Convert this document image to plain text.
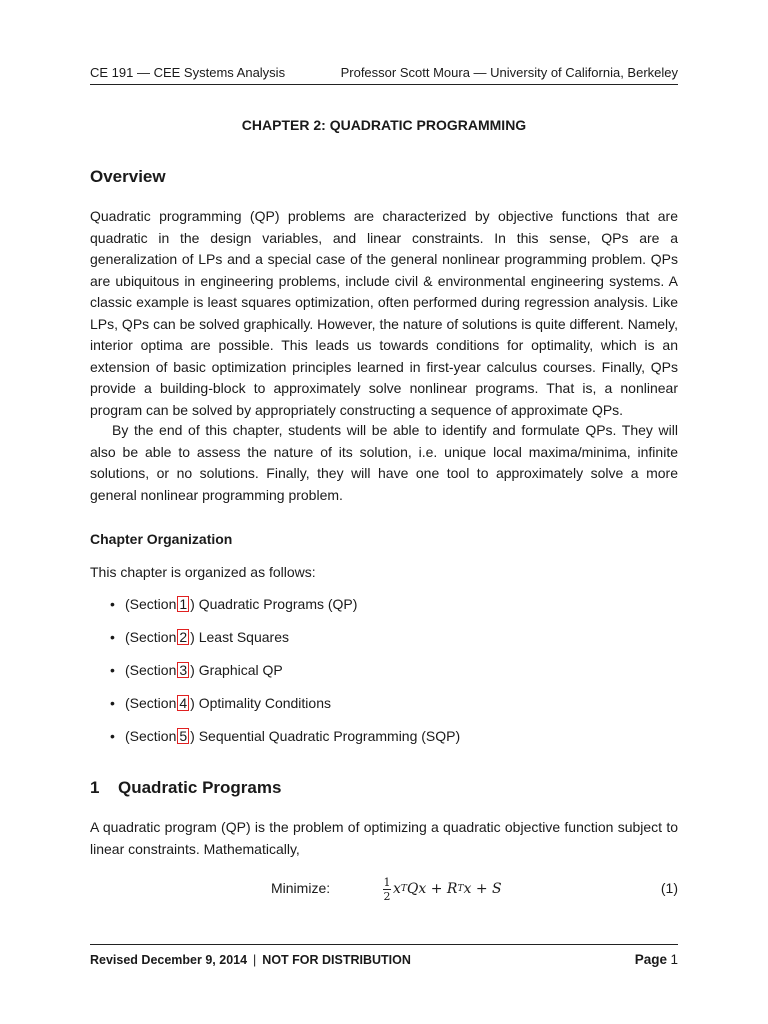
CE 191 — CEE Systems Analysis	Professor Scott Moura — University of California, Berkeley
CHAPTER 2: QUADRATIC PROGRAMMING
Overview

Quadratic programming (QP) problems are characterized by objective functions that are quadratic in the design variables, and linear constraints. In this sense, QPs are a generalization of LPs and a special case of the general nonlinear programming problem. QPs are ubiquitous in engineering problems, include civil & environmental engineering systems. A classic example is least squares optimization, often performed during regression analysis. Like LPs, QPs can be solved graphically. However, the nature of solutions is quite different. Namely, interior optima are possible. This leads us towards conditions for optimality, which is an extension of basic optimization principles learned in first-year calculus courses. Finally, QPs provide a building-block to approximately solve nonlinear programs. That is, a nonlinear program can be solved by appropriately constructing a sequence of approximate QPs.

By the end of this chapter, students will be able to identify and formulate QPs. They will also be able to assess the nature of its solution, i.e. unique local maxima/minima, infinite solutions, or no solutions. Finally, they will have one tool to approximately solve a more general nonlinear programming problem.

Chapter Organization
This chapter is organized as follows:
• (Section 1 ) Quadratic Programs (QP)
• (Section 2 ) Least Squares
• (Section 3 ) Graphical QP
• (Section 4 ) Optimality Conditions
• (Section 5 ) Sequential Quadratic Programming (SQP)
1 Quadratic Programs

A quadratic program (QP) is the problem of optimizing a quadratic objective function subject to linear constraints. Mathematically,

Minimize:	$\frac{1}{2}$ x T Qx + R T x + S	(1)
Revised December 9, 2014 | NOT FOR DISTRIBUTION	Page 1
